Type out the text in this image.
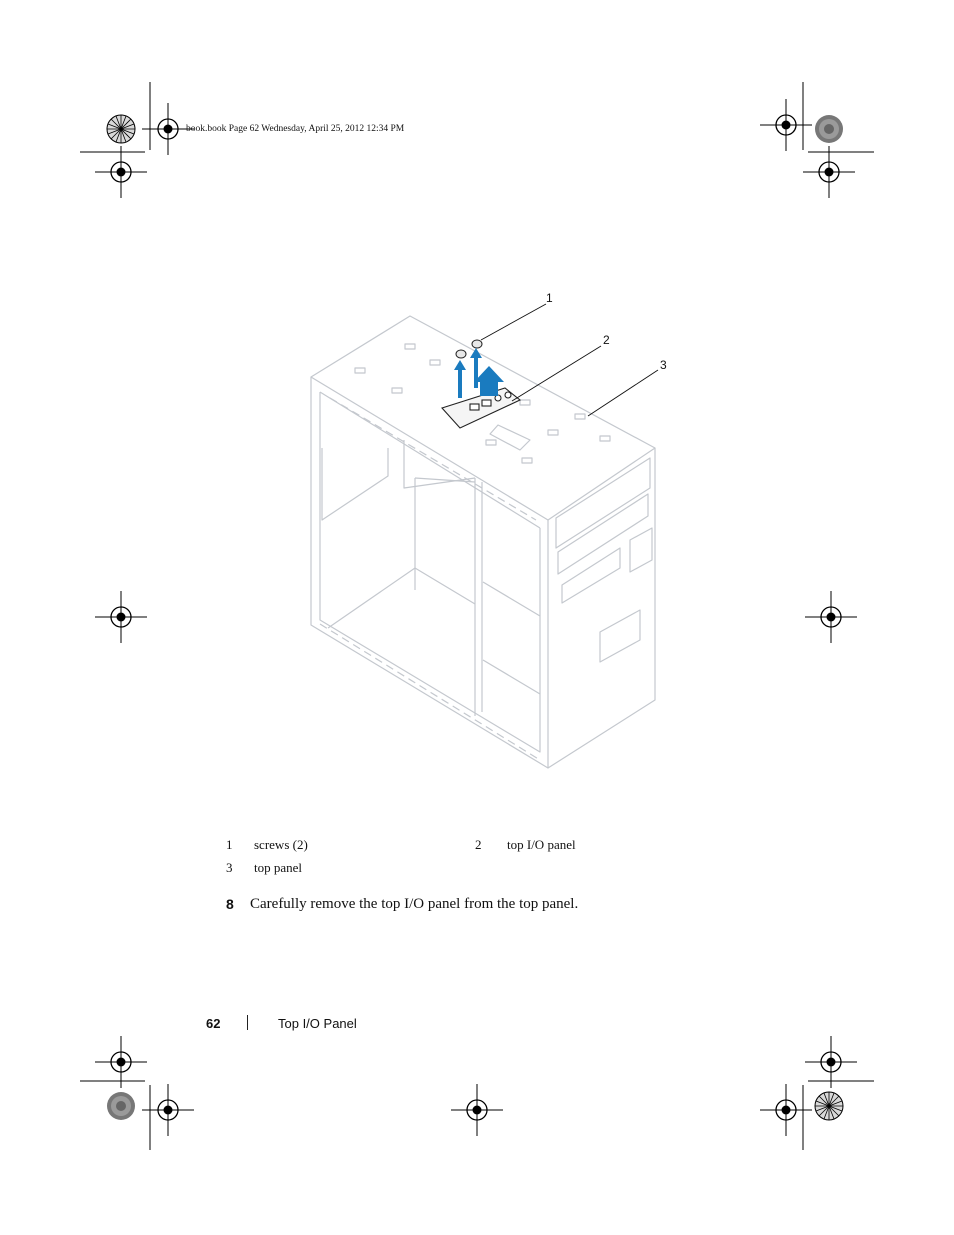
book.book Page 62 Wednesday, April 25, 2012 12:34 PM
1
2
3
1 screws (2)	2 top I/O panel
3 top panel
8 Carefully remove the top I/O panel from the top panel.
62	Top I/O Panel
